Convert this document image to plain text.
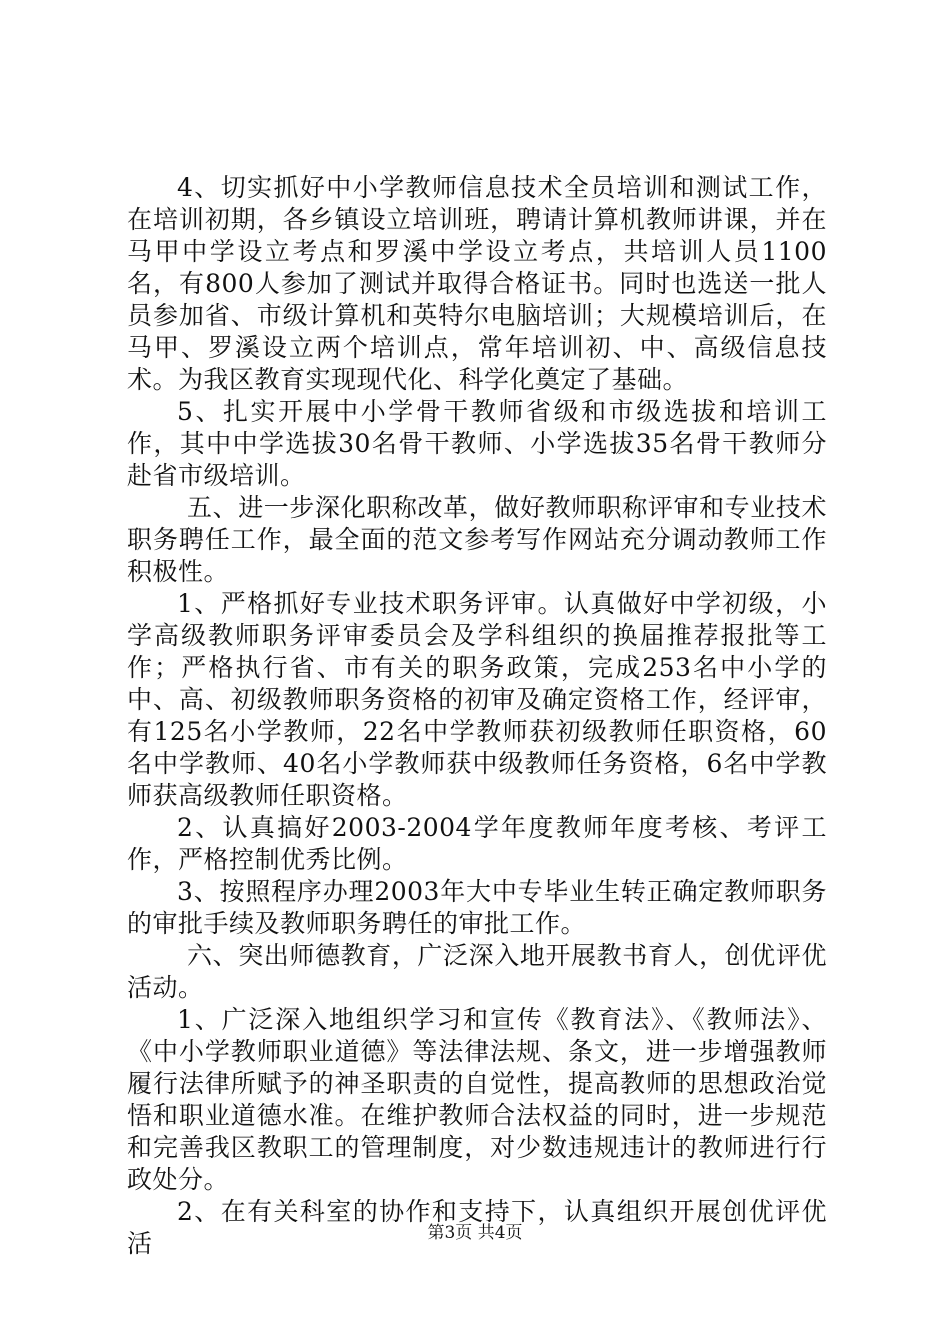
4、切实抓好中小学教师信息技术全员培训和测试工作，在培训初期，各乡镇设立培训班，聘请计算机教师讲课，并在马甲中学设立考点和罗溪中学设立考点，共培训人员1100名，有800人参加了测试并取得合格证书。同时也选送一批人员参加省、市级计算机和英特尔电脑培训；大规模培训后，在马甲、罗溪设立两个培训点，常年培训初、中、高级信息技术。为我区教育实现现代化、科学化奠定了基础。

5、扎实开展中小学骨干教师省级和市级选拔和培训工作，其中中学选拔30名骨干教师、小学选拔35名骨干教师分赴省市级培训。

五、进一步深化职称改革，做好教师职称评审和专业技术职务聘任工作，最全面的范文参考写作网站充分调动教师工作积极性。

1、严格抓好专业技术职务评审。认真做好中学初级，小学高级教师职务评审委员会及学科组织的换届推荐报批等工作；严格执行省、市有关的职务政策，完成253名中小学的中、高、初级教师职务资格的初审及确定资格工作，经评审，有125名小学教师，22名中学教师获初级教师任职资格，60名中学教师、40名小学教师获中级教师任务资格，6名中学教师获高级教师任职资格。

2、认真搞好2003-2004学年度教师年度考核、考评工作，严格控制优秀比例。

3、按照程序办理2003年大中专毕业生转正确定教师职务的审批手续及教师职务聘任的审批工作。

六、突出师德教育，广泛深入地开展教书育人，创优评优活动。

1、广泛深入地组织学习和宣传《教育法》、《教师法》、《中小学教师职业道德》等法律法规、条文，进一步增强教师履行法律所赋予的神圣职责的自觉性，提高教师的思想政治觉悟和职业道德水准。在维护教师合法权益的同时，进一步规范和完善我区教职工的管理制度，对少数违规违计的教师进行行政处分。

2、在有关科室的协作和支持下，认真组织开展创优评优活	第3页 共4页
